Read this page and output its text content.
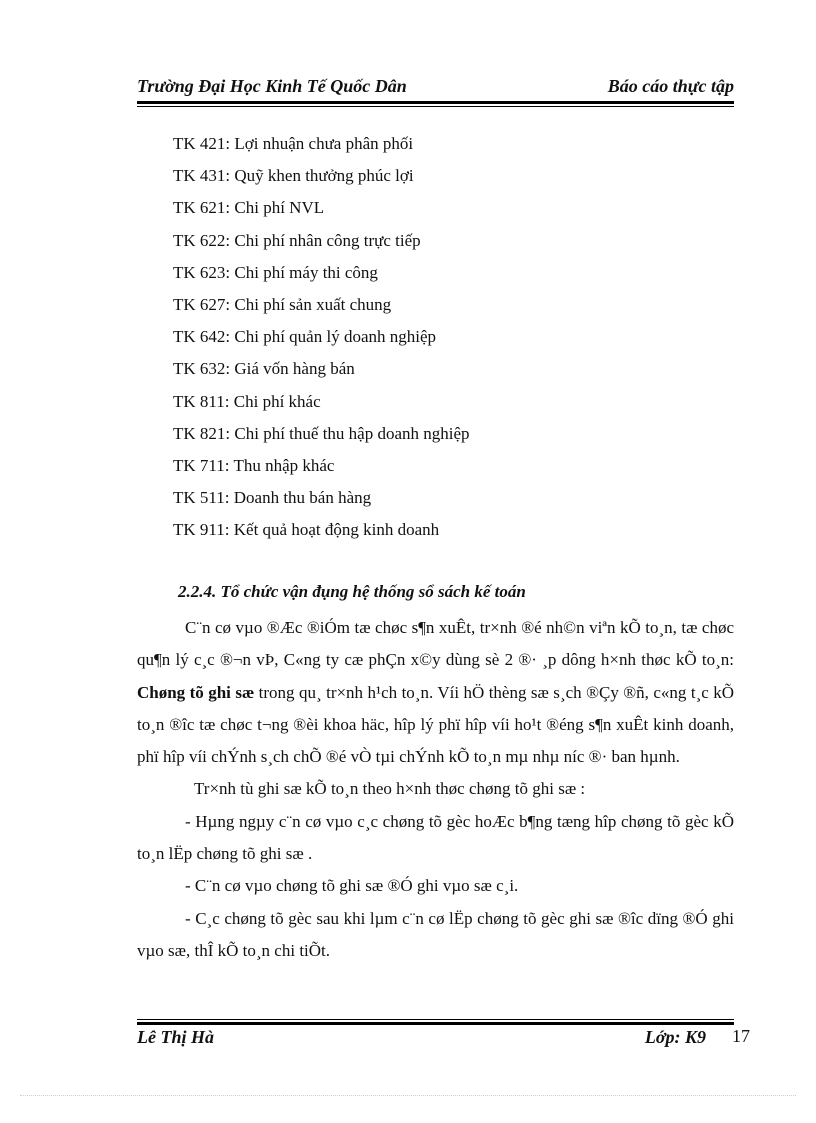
Trường Đại Học Kinh Tế Quốc Dân	Báo cáo thực tập
TK 421: Lợi nhuận chưa phân phối
TK 431: Quỹ khen thưởng phúc lợi
TK 621: Chi phí NVL
TK 622: Chi phí nhân công trực tiếp
TK 623: Chi phí máy thi công
TK 627: Chi phí sản xuất chung
TK 642: Chi phí quản lý doanh nghiệp
TK 632: Giá vốn hàng bán
TK 811: Chi phí khác
TK 821: Chi phí thuế thu hập doanh nghiệp
TK 711: Thu nhập khác
TK 511: Doanh thu bán hàng
TK 911: Kết quả hoạt động kinh doanh
2.2.4. Tổ chức vận đụng hệ thống sổ sách kế toán

C¨n cø vµo ®Æc ®iÓm tæ chøc s¶n xuÊt, tr×nh ®é nh©n viªn kÕ to¸n, tæ chøc qu¶n lý c¸c ®¬n vÞ, C«ng ty cæ phÇn x©y dùng sè 2 ®· ¸p dông h×nh thøc kÕ to¸n: Chøng tõ ghi sæ trong qu¸ tr×nh h¹ch to¸n. Víi hÖ thèng sæ s¸ch ®Çy ®ñ, c«ng t¸c kÕ to¸n ®îc tæ chøc t¬ng ®èi khoa häc, hîp lý phï hîp víi ho¹t ®éng s¶n xuÊt kinh doanh, phï hîp víi chÝnh s¸ch chÕ ®é vÒ tµi chÝnh kÕ to¸n mµ nhµ níc ®· ban hµnh.

Tr×nh tù ghi sæ kÕ to¸n theo h×nh thøc chøng tõ ghi sæ :

- Hµng ngµy c¨n cø vµo c¸c chøng tõ gèc hoÆc b¶ng tæng hîp chøng tõ gèc kÕ to¸n lËp chøng tõ ghi sæ .

- C¨n cø vµo chøng tõ ghi sæ ®Ó ghi vµo sæ c¸i.

- C¸c chøng tõ gèc sau khi lµm c¨n cø lËp chøng tõ gèc ghi sæ ®îc dïng ®Ó ghi vµo sæ, thÎ kÕ to¸n chi tiÕt.

Lê Thị Hà	Lớp: K9 17
